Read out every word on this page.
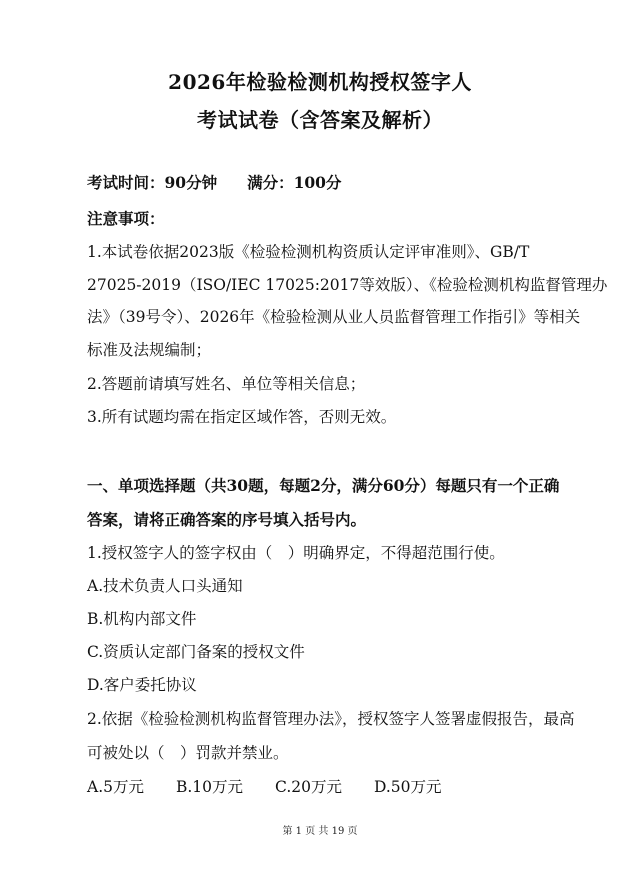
2026年检验检测机构授权签字人
考试试卷（含答案及解析）
考试时间：90分钟 满分：100分
注意事项：
1.本试卷依据2023版《检验检测机构资质认定评审准则》、GB/T
27025-2019（ISO/IEC 17025:2017等效版）、《检验检测机构监督管理办
法》（39号令）、2026年《检验检测从业人员监督管理工作指引》等相关
标准及法规编制；
2.答题前请填写姓名、单位等相关信息；
3.所有试题均需在指定区域作答，否则无效。
一、单项选择题（共30题，每题2分，满分60分）每题只有一个正确
答案，请将正确答案的序号填入括号内。
1.授权签字人的签字权由（　）明确界定，不得超范围行使。
A.技术负责人口头通知
B.机构内部文件
C.资质认定部门备案的授权文件
D.客户委托协议
2.依据《检验检测机构监督管理办法》，授权签字人签署虚假报告，最高
可被处以（　）罚款并禁业。
A.5万元 B.10万元 C.20万元 D.50万元
第 1 页 共 19 页
